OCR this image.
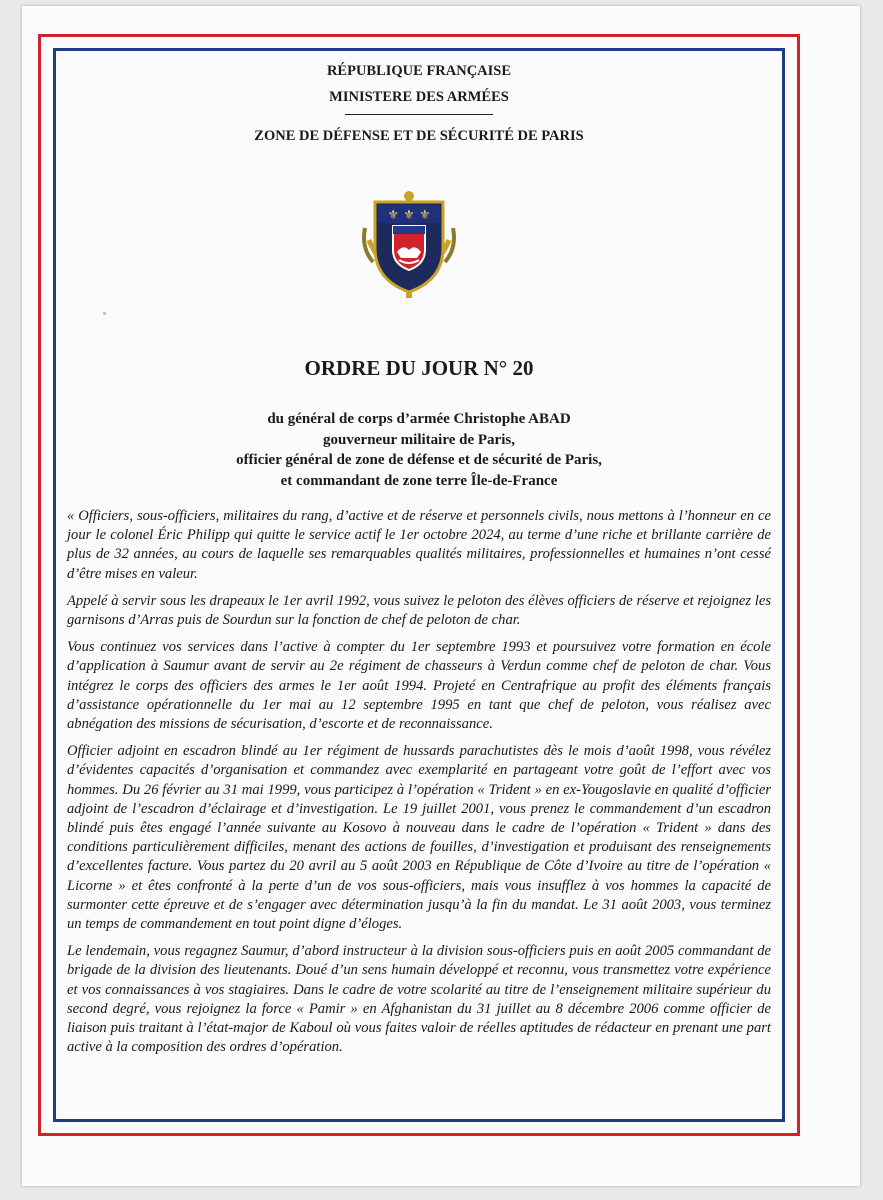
RÉPUBLIQUE FRANÇAISE
MINISTERE DES ARMÉES
ZONE DE DÉFENSE ET DE SÉCURITÉ DE PARIS
⚜ ⚜ ⚜
ORDRE DU JOUR N° 20
du général de corps d’armée Christophe ABAD
gouverneur militaire de Paris,
officier général de zone de défense et de sécurité de Paris,
et commandant de zone terre Île-de-France

« Officiers, sous-officiers, militaires du rang, d’active et de réserve et personnels civils, nous mettons à l’honneur en ce jour le colonel Éric Philipp qui quitte le service actif le 1er octobre 2024, au terme d’une riche et brillante carrière de plus de 32 années, au cours de laquelle ses remarquables qualités militaires, professionnelles et humaines n’ont cessé d’être mises en valeur.

Appelé à servir sous les drapeaux le 1er avril 1992, vous suivez le peloton des élèves officiers de réserve et rejoignez les garnisons d’Arras puis de Sourdun sur la fonction de chef de peloton de char.

Vous continuez vos services dans l’active à compter du 1er septembre 1993 et poursuivez votre formation en école d’application à Saumur avant de servir au 2e régiment de chasseurs à Verdun comme chef de peloton de char. Vous intégrez le corps des officiers des armes le 1er août 1994. Projeté en Centrafrique au profit des éléments français d’assistance opérationnelle du 1er mai au 12 septembre 1995 en tant que chef de peloton, vous réalisez avec abnégation des missions de sécurisation, d’escorte et de reconnaissance.

Officier adjoint en escadron blindé au 1er régiment de hussards parachutistes dès le mois d’août 1998, vous révélez d’évidentes capacités d’organisation et commandez avec exemplarité en partageant votre goût de l’effort avec vos hommes. Du 26 février au 31 mai 1999, vous participez à l’opération « Trident » en ex-Yougoslavie en qualité d’officier adjoint de l’escadron d’éclairage et d’investigation. Le 19 juillet 2001, vous prenez le commandement d’un escadron blindé puis êtes engagé l’année suivante au Kosovo à nouveau dans le cadre de l’opération « Trident » dans des conditions particulièrement difficiles, menant des actions de fouilles, d’investigation et produisant des renseignements d’excellentes facture. Vous partez du 20 avril au 5 août 2003 en République de Côte d’Ivoire au titre de l’opération « Licorne » et êtes confronté à la perte d’un de vos sous-officiers, mais vous insufflez à vos hommes la capacité de surmonter cette épreuve et de s’engager avec détermination jusqu’à la fin du mandat. Le 31 août 2003, vous terminez un temps de commandement en tout point digne d’éloges.

Le lendemain, vous regagnez Saumur, d’abord instructeur à la division sous-officiers puis en août 2005 commandant de brigade de la division des lieutenants. Doué d’un sens humain développé et reconnu, vous transmettez votre expérience et vos connaissances à vos stagiaires. Dans le cadre de votre scolarité au titre de l’enseignement militaire supérieur du second degré, vous rejoignez la force « Pamir » en Afghanistan du 31 juillet au 8 décembre 2006 comme officier de liaison puis traitant à l’état-major de Kaboul où vous faites valoir de réelles aptitudes de rédacteur en prenant une part active à la composition des ordres d’opération.
